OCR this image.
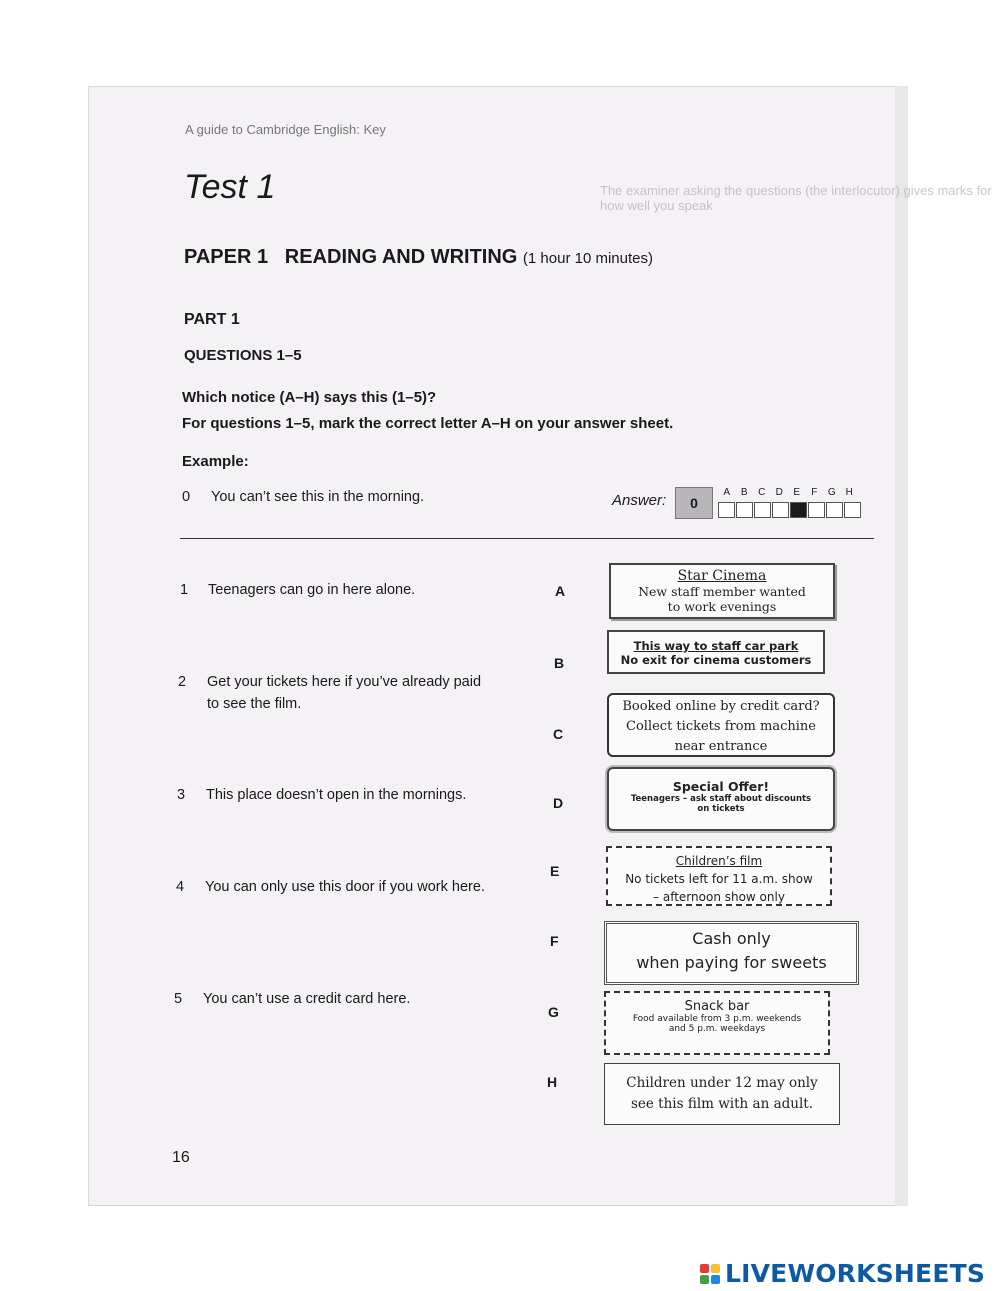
The examiner asking the questions (the interlocutor) gives marks for how well you speak
A guide to Cambridge English: Key
Test 1
PAPER 1   READING AND WRITING (1 hour 10 minutes)
PART 1
QUESTIONS 1–5
Which notice (A–H) says this (1–5)?
For questions 1–5, mark the correct letter A–H on your answer sheet.
Example:
0 You can’t see this in the morning.	Answer:	0
A B C D E F G H
1 Teenagers can go in here alone.
2 Get your tickets here if you’ve already paid to see the film.
3 This place doesn’t open in the mornings.
4 You can only use this door if you work here.
5 You can’t use a credit card here.
A
B
C
D
E
F
G
H
Star Cinema
New staff member wanted
to work evenings
This way to staff car park
No exit for cinema customers
Booked online by credit card?
Collect tickets from machine
near entrance
Special Offer!
Teenagers – ask staff about discounts
on tickets
Children’s film
No tickets left for 11 a.m. show
– afternoon show only
Cash only
when paying for sweets
Snack bar
Food available from 3 p.m. weekends
and 5 p.m. weekdays
Children under 12 may only
see this film with an adult.
16
LIVEWORKSHEETS
